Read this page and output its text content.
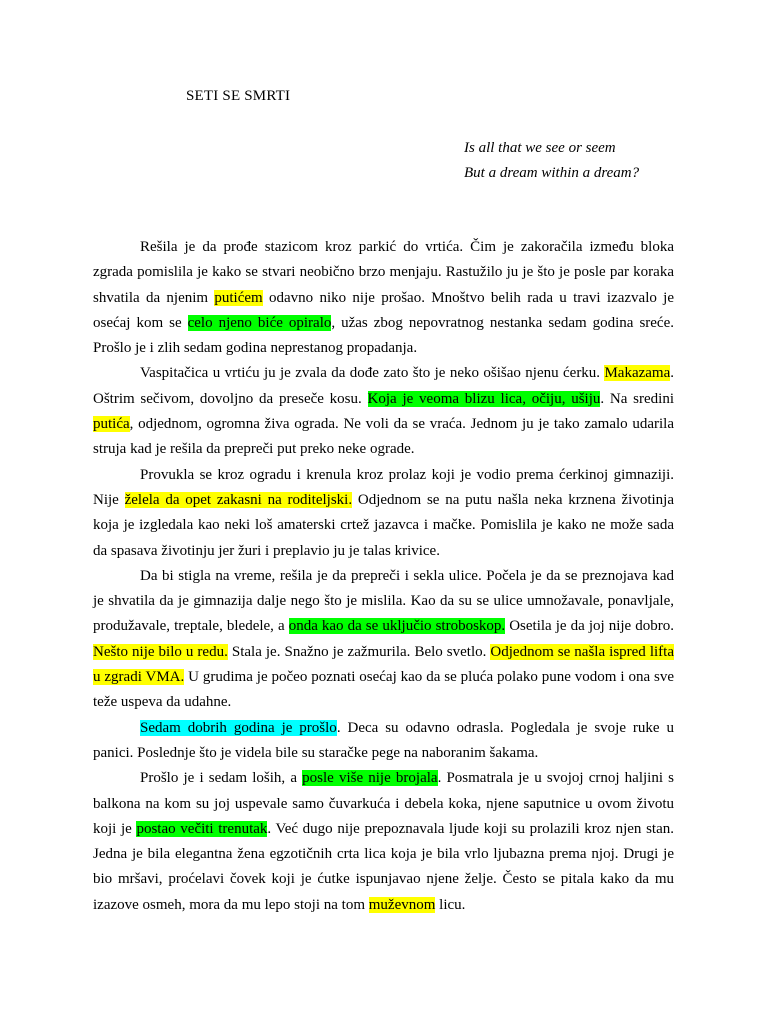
SETI SE SMRTI
Is all that we see or seem
But a dream within a dream?

Rešila je da prođe stazicom kroz parkić do vrtića. Čim je zakoračila između bloka zgrada pomislila je kako se stvari neobično brzo menjaju. Rastužilo ju je što je posle par koraka shvatila da njenim putićem odavno niko nije prošao. Mnoštvo belih rada u travi izazvalo je osećaj kom se celo njeno biće opiralo, užas zbog nepovratnog nestanka sedam godina sreće. Prošlo je i zlih sedam godina neprestanog propadanja.

Vaspitačica u vrtiću ju je zvala da dođe zato što je neko ošišao njenu ćerku. Makazama. Oštrim sečivom, dovoljno da preseče kosu. Koja je veoma blizu lica, očiju, ušiju. Na sredini putića, odjednom, ogromna živa ograda. Ne voli da se vraća. Jednom ju je tako zamalo udarila struja kad je rešila da prepreči put preko neke ograde.

Provukla se kroz ogradu i krenula kroz prolaz koji je vodio prema ćerkinoj gimnaziji. Nije želela da opet zakasni na roditeljski. Odjednom se na putu našla neka krznena životinja koja je izgledala kao neki loš amaterski crtež jazavca i mačke. Pomislila je kako ne može sada da spasava životinju jer žuri i preplavio ju je talas krivice.

Da bi stigla na vreme, rešila je da prepreči i sekla ulice. Počela je da se preznojava kad je shvatila da je gimnazija dalje nego što je mislila. Kao da su se ulice umnožavale, ponavljale, produžavale, treptale, bledele, a onda kao da se uključio stroboskop. Osetila je da joj nije dobro. Nešto nije bilo u redu. Stala je. Snažno je zažmurila. Belo svetlo. Odjednom se našla ispred lifta u zgradi VMA. U grudima je počeo poznati osećaj kao da se pluća polako pune vodom i ona sve teže uspeva da udahne.

Sedam dobrih godina je prošlo. Deca su odavno odrasla. Pogledala je svoje ruke u panici. Poslednje što je videla bile su staračke pege na naboranim šakama.

Prošlo je i sedam loših, a posle više nije brojala. Posmatrala je u svojoj crnoj haljini s balkona na kom su joj uspevale samo čuvarkuća i debela koka, njene saputnice u ovom životu koji je postao večiti trenutak. Već dugo nije prepoznavala ljude koji su prolazili kroz njen stan. Jedna je bila elegantna žena egzotičnih crta lica koja je bila vrlo ljubazna prema njoj. Drugi je bio mršavi, proćelavi čovek koji je ćutke ispunjavao njene želje. Često se pitala kako da mu izazove osmeh, mora da mu lepo stoji na tom muževnom licu.
